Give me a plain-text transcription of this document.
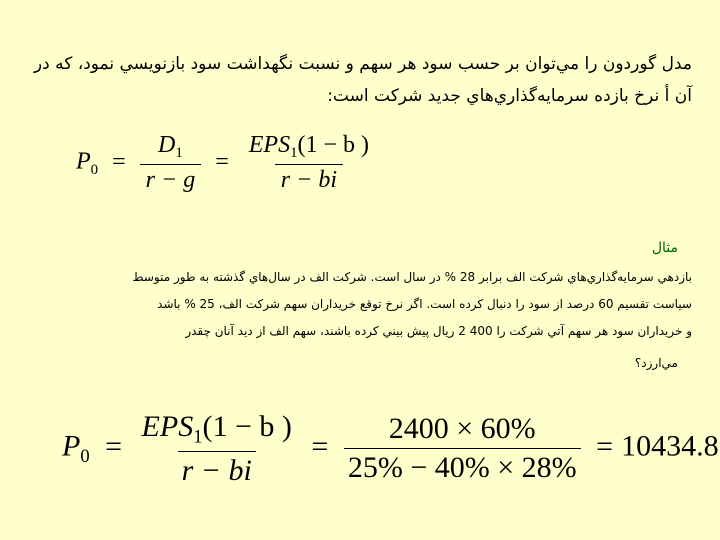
مدل گوردون را مي‌توان بر حسب سود هر سهم و نسبت نگهداشت سود بازنويسي نمود، که در آن أ نرخ بازده سرمايه‌گذاري‌هاي جديد شرکت است:
$P_0 = \frac{D_1}{r - g} = \frac{EPS_1(1 - b )}{r - bi}$
مثال
بازدهي سرمايه‌گذاري‌هاي شرکت الف برابر 28 % در سال است. شرکت الف در سال‌هاي گذشته به طور متوسط
سياست تقسيم 60 درصد از سود را دنبال کرده است. اگر نرخ توقع خريداران سهم شرکت الف، 25 % باشد
و خريداران سود هر سهم آتي شرکت را 400 2 ريال پيش بيني کرده باشند، سهم الف از ديد آنان چقدر
مي‌ارزد؟
$P_0 = \frac{EPS_1(1 - b )}{r - bi} = \frac{2400 \times 60\%}{25\% - 40\% \times 28\%} = 10434.8$
